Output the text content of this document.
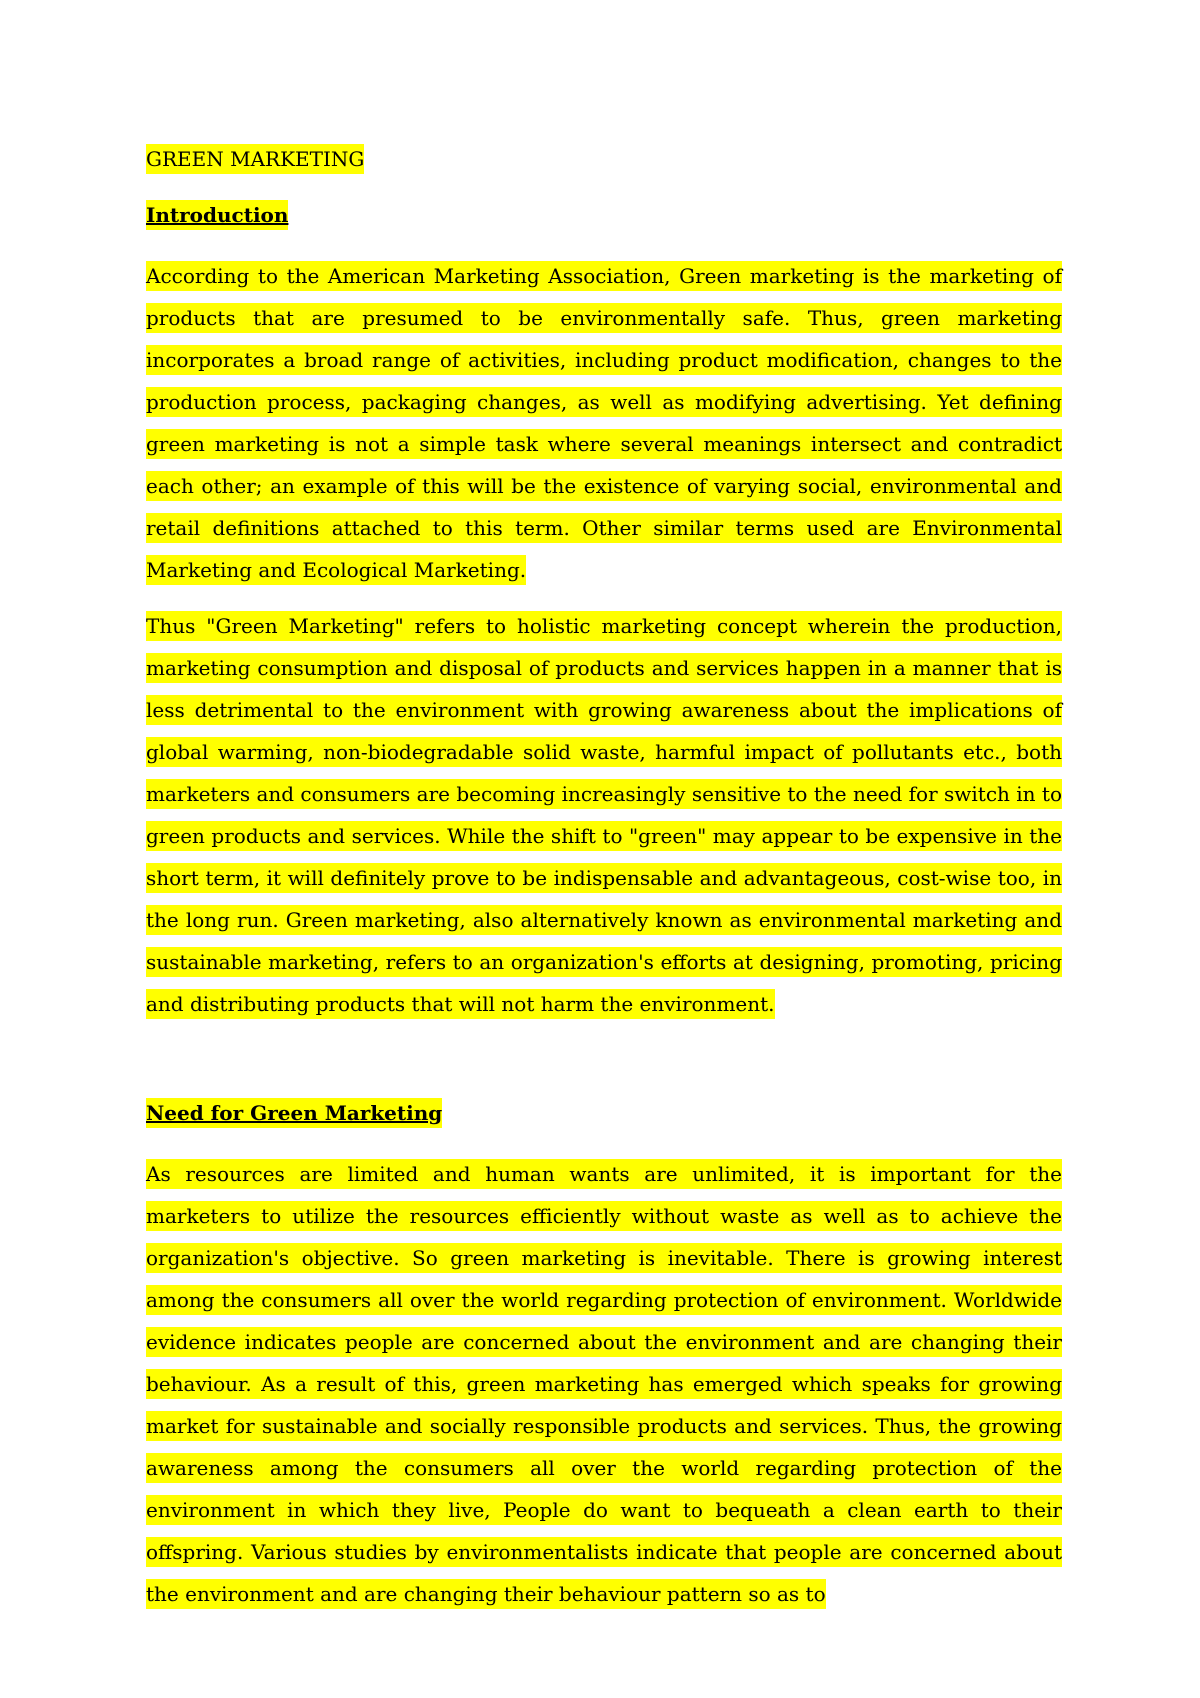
GREEN MARKETING
Introduction

According to the American Marketing Association, Green marketing is the marketing of products that are presumed to be environmentally safe. Thus, green marketing incorporates a broad range of activities, including product modification, changes to the production process, packaging changes, as well as modifying advertising. Yet defining green marketing is not a simple task where several meanings intersect and contradict each other; an example of this will be the existence of varying social, environmental and retail definitions attached to this term. Other similar terms used are Environmental Marketing and Ecological Marketing.

Thus "Green Marketing" refers to holistic marketing concept wherein the production, marketing consumption and disposal of products and services happen in a manner that is less detrimental to the environment with growing awareness about the implications of global warming, non-biodegradable solid waste, harmful impact of pollutants etc., both marketers and consumers are becoming increasingly sensitive to the need for switch in to green products and services. While the shift to "green" may appear to be expensive in the short term, it will definitely prove to be indispensable and advantageous, cost-wise too, in the long run. Green marketing, also alternatively known as environmental marketing and sustainable marketing, refers to an organization's efforts at designing, promoting, pricing and distributing products that will not harm the environment.

Need for Green Marketing

As resources are limited and human wants are unlimited, it is important for the marketers to utilize the resources efficiently without waste as well as to achieve the organization's objective. So green marketing is inevitable. There is growing interest among the consumers all over the world regarding protection of environment. Worldwide evidence indicates people are concerned about the environment and are changing their behaviour. As a result of this, green marketing has emerged which speaks for growing market for sustainable and socially responsible products and services. Thus, the growing awareness among the consumers all over the world regarding protection of the environment in which they live, People do want to bequeath a clean earth to their offspring. Various studies by environmentalists indicate that people are concerned about the environment and are changing their behaviour pattern so as to
